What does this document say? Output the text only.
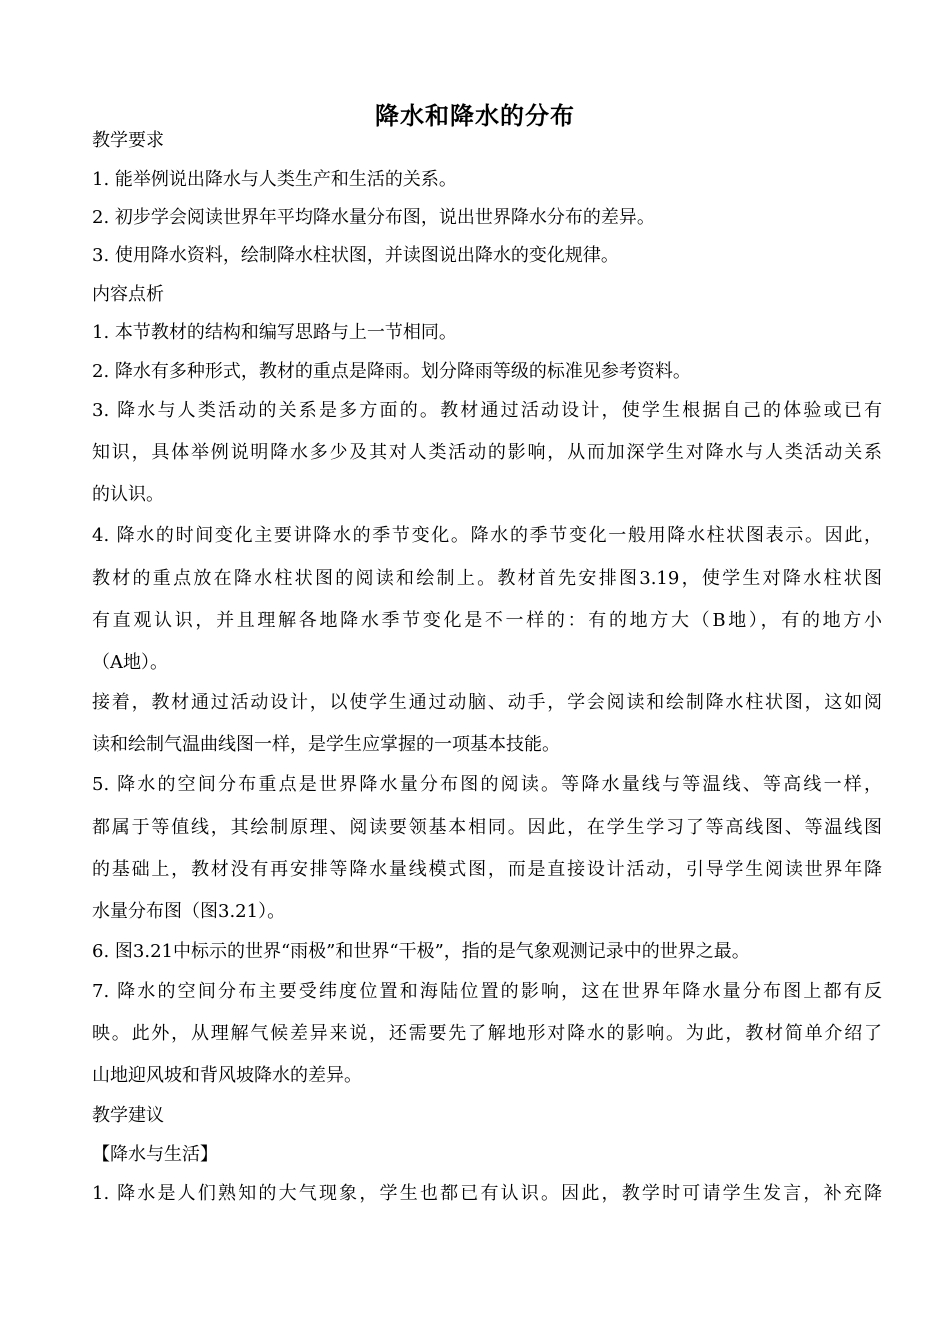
降水和降水的分布
教学要求
1. 能举例说出降水与人类生产和生活的关系。
2. 初步学会阅读世界年平均降水量分布图，说出世界降水分布的差异。
3. 使用降水资料，绘制降水柱状图，并读图说出降水的变化规律。
内容点析
1. 本节教材的结构和编写思路与上一节相同。
2. 降水有多种形式，教材的重点是降雨。划分降雨等级的标准见参考资料。
3. 降水与人类活动的关系是多方面的。教材通过活动设计，使学生根据自己的体验或已有
知识，具体举例说明降水多少及其对人类活动的影响，从而加深学生对降水与人类活动关系
的认识。
4. 降水的时间变化主要讲降水的季节变化。降水的季节变化一般用降水柱状图表示。因此，
教材的重点放在降水柱状图的阅读和绘制上。教材首先安排图3.19，使学生对降水柱状图
有直观认识，并且理解各地降水季节变化是不一样的：有的地方大（B地），有的地方小
（A地）。
接着，教材通过活动设计，以使学生通过动脑、动手，学会阅读和绘制降水柱状图，这如阅
读和绘制气温曲线图一样，是学生应掌握的一项基本技能。
5. 降水的空间分布重点是世界降水量分布图的阅读。等降水量线与等温线、等高线一样，
都属于等值线，其绘制原理、阅读要领基本相同。因此，在学生学习了等高线图、等温线图
的基础上，教材没有再安排等降水量线模式图，而是直接设计活动，引导学生阅读世界年降
水量分布图（图3.21）。
6. 图3.21中标示的世界“雨极”和世界“干极”，指的是气象观测记录中的世界之最。
7. 降水的空间分布主要受纬度位置和海陆位置的影响，这在世界年降水量分布图上都有反
映。此外，从理解气候差异来说，还需要先了解地形对降水的影响。为此，教材简单介绍了
山地迎风坡和背风坡降水的差异。
教学建议
【降水与生活】
1. 降水是人们熟知的大气现象，学生也都已有认识。因此，教学时可请学生发言，补充降
